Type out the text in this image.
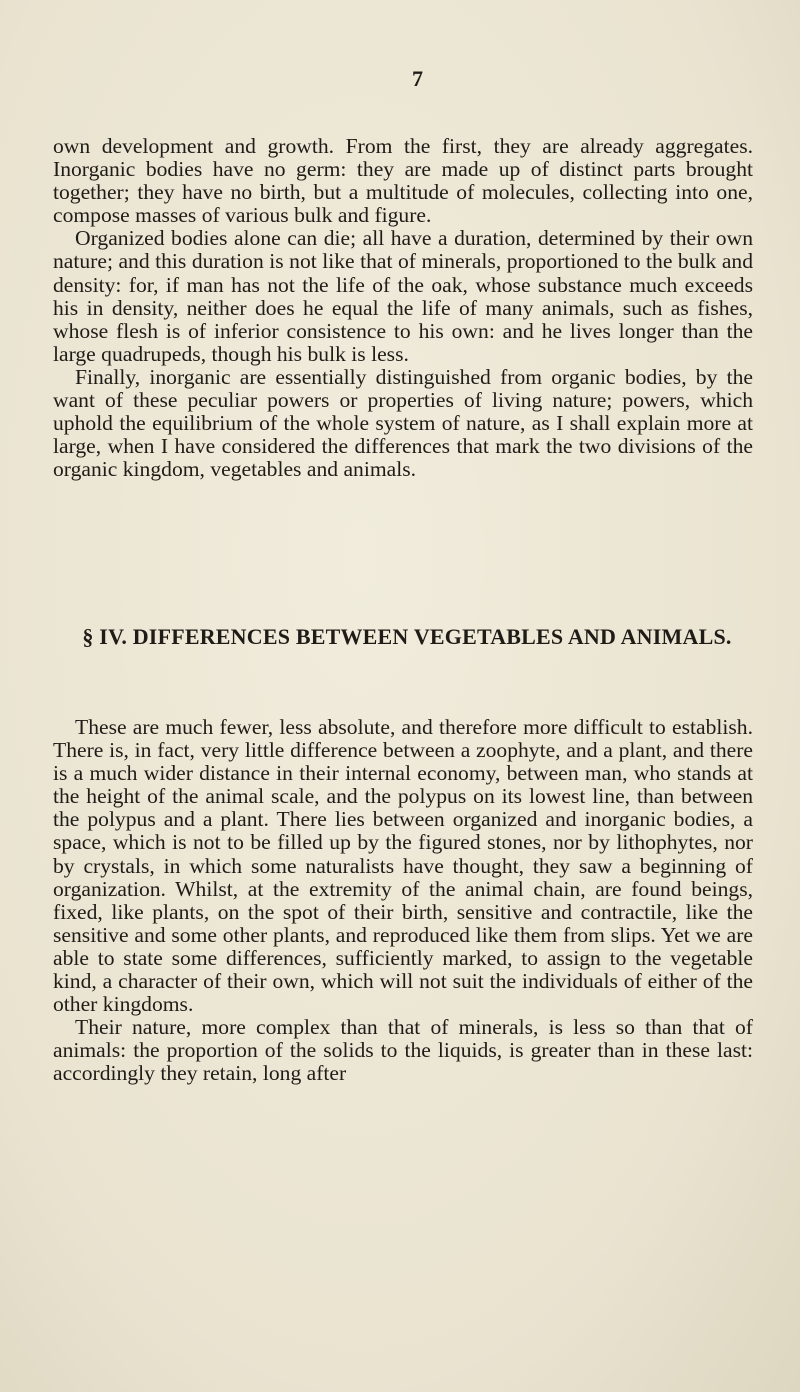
7

own development and growth. From the first, they are already aggregates. Inorganic bodies have no germ: they are made up of distinct parts brought together; they have no birth, but a multitude of molecules, collecting into one, compose masses of various bulk and figure.

Organized bodies alone can die; all have a duration, determined by their own nature; and this duration is not like that of minerals, proportioned to the bulk and density: for, if man has not the life of the oak, whose substance much exceeds his in density, neither does he equal the life of many animals, such as fishes, whose flesh is of inferior consistence to his own: and he lives longer than the large quadrupeds, though his bulk is less.

Finally, inorganic are essentially distinguished from organic bodies, by the want of these peculiar powers or properties of living nature; powers, which uphold the equilibrium of the whole system of nature, as I shall explain more at large, when I have considered the differences that mark the two divisions of the organic kingdom, vegetables and animals.

§ IV. DIFFERENCES BETWEEN VEGETABLES AND ANIMALS.

These are much fewer, less absolute, and therefore more difficult to establish. There is, in fact, very little difference between a zoophyte, and a plant, and there is a much wider distance in their internal economy, between man, who stands at the height of the animal scale, and the polypus on its lowest line, than between the polypus and a plant. There lies between organized and inorganic bodies, a space, which is not to be filled up by the figured stones, nor by lithophytes, nor by crystals, in which some naturalists have thought, they saw a beginning of organization. Whilst, at the extremity of the animal chain, are found beings, fixed, like plants, on the spot of their birth, sensitive and contractile, like the sensitive and some other plants, and reproduced like them from slips. Yet we are able to state some differences, sufficiently marked, to assign to the vegetable kind, a character of their own, which will not suit the individuals of either of the other kingdoms.

Their nature, more complex than that of minerals, is less so than that of animals: the proportion of the solids to the liquids, is greater than in these last: accordingly they retain, long after
